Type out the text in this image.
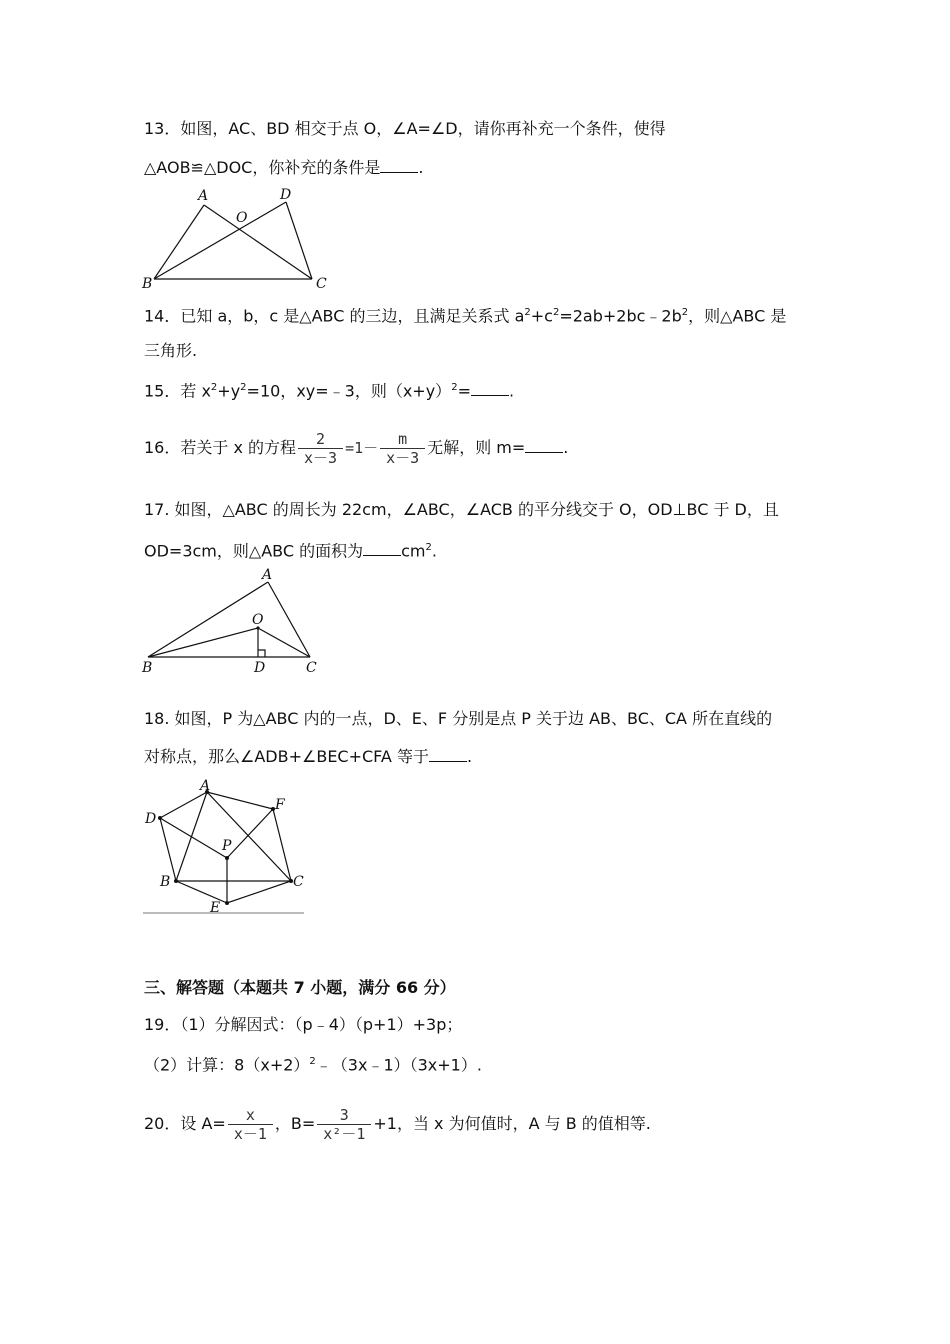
13．如图，AC、BD 相交于点 O，∠A=∠D，请你再补充一个条件，使得
△AOB≌△DOC，你补充的条件是 .
A
O
D
B	C
14．已知 a，b，c 是△ABC 的三边，且满足关系式 $a^2+c^2=2ab+2bc﹣2b^2$，则△ABC 是
三角形.
15．若 $x^2+y^2=10$，xy=﹣3，则$(x+y)^2=$ .
16．若关于 x 的方程 $\frac{2}{x-3} =1- \frac{m}{x-3}$ 无解，则 m= .
17. 如图，△ABC 的周长为 22cm，∠ABC，∠ACB 的平分线交于 O，OD⊥BC 于 D，且
OD=3cm，则△ABC 的面积为 $cm^2$.
A
O
B	D	C
18. 如图，P 为△ABC 内的一点，D、E、F 分别是点 P 关于边 AB、BC、CA 所在直线的
对称点，那么∠ADB+∠BEC+CFA 等于 .
A
D
F
P
B	C
E
三、解答题（本题共 7 小题，满分 66 分）
19．（1）分解因式：（p﹣4）（p+1）+3p；
（2）计算：$8(x+2)^2﹣(3x﹣1)(3x+1)$.
20．设 $A= \frac{x}{x-1}$ ，$B= \frac{3}{\text{x²－1}} +1$，当 x 为何值时，A 与 B 的值相等.
